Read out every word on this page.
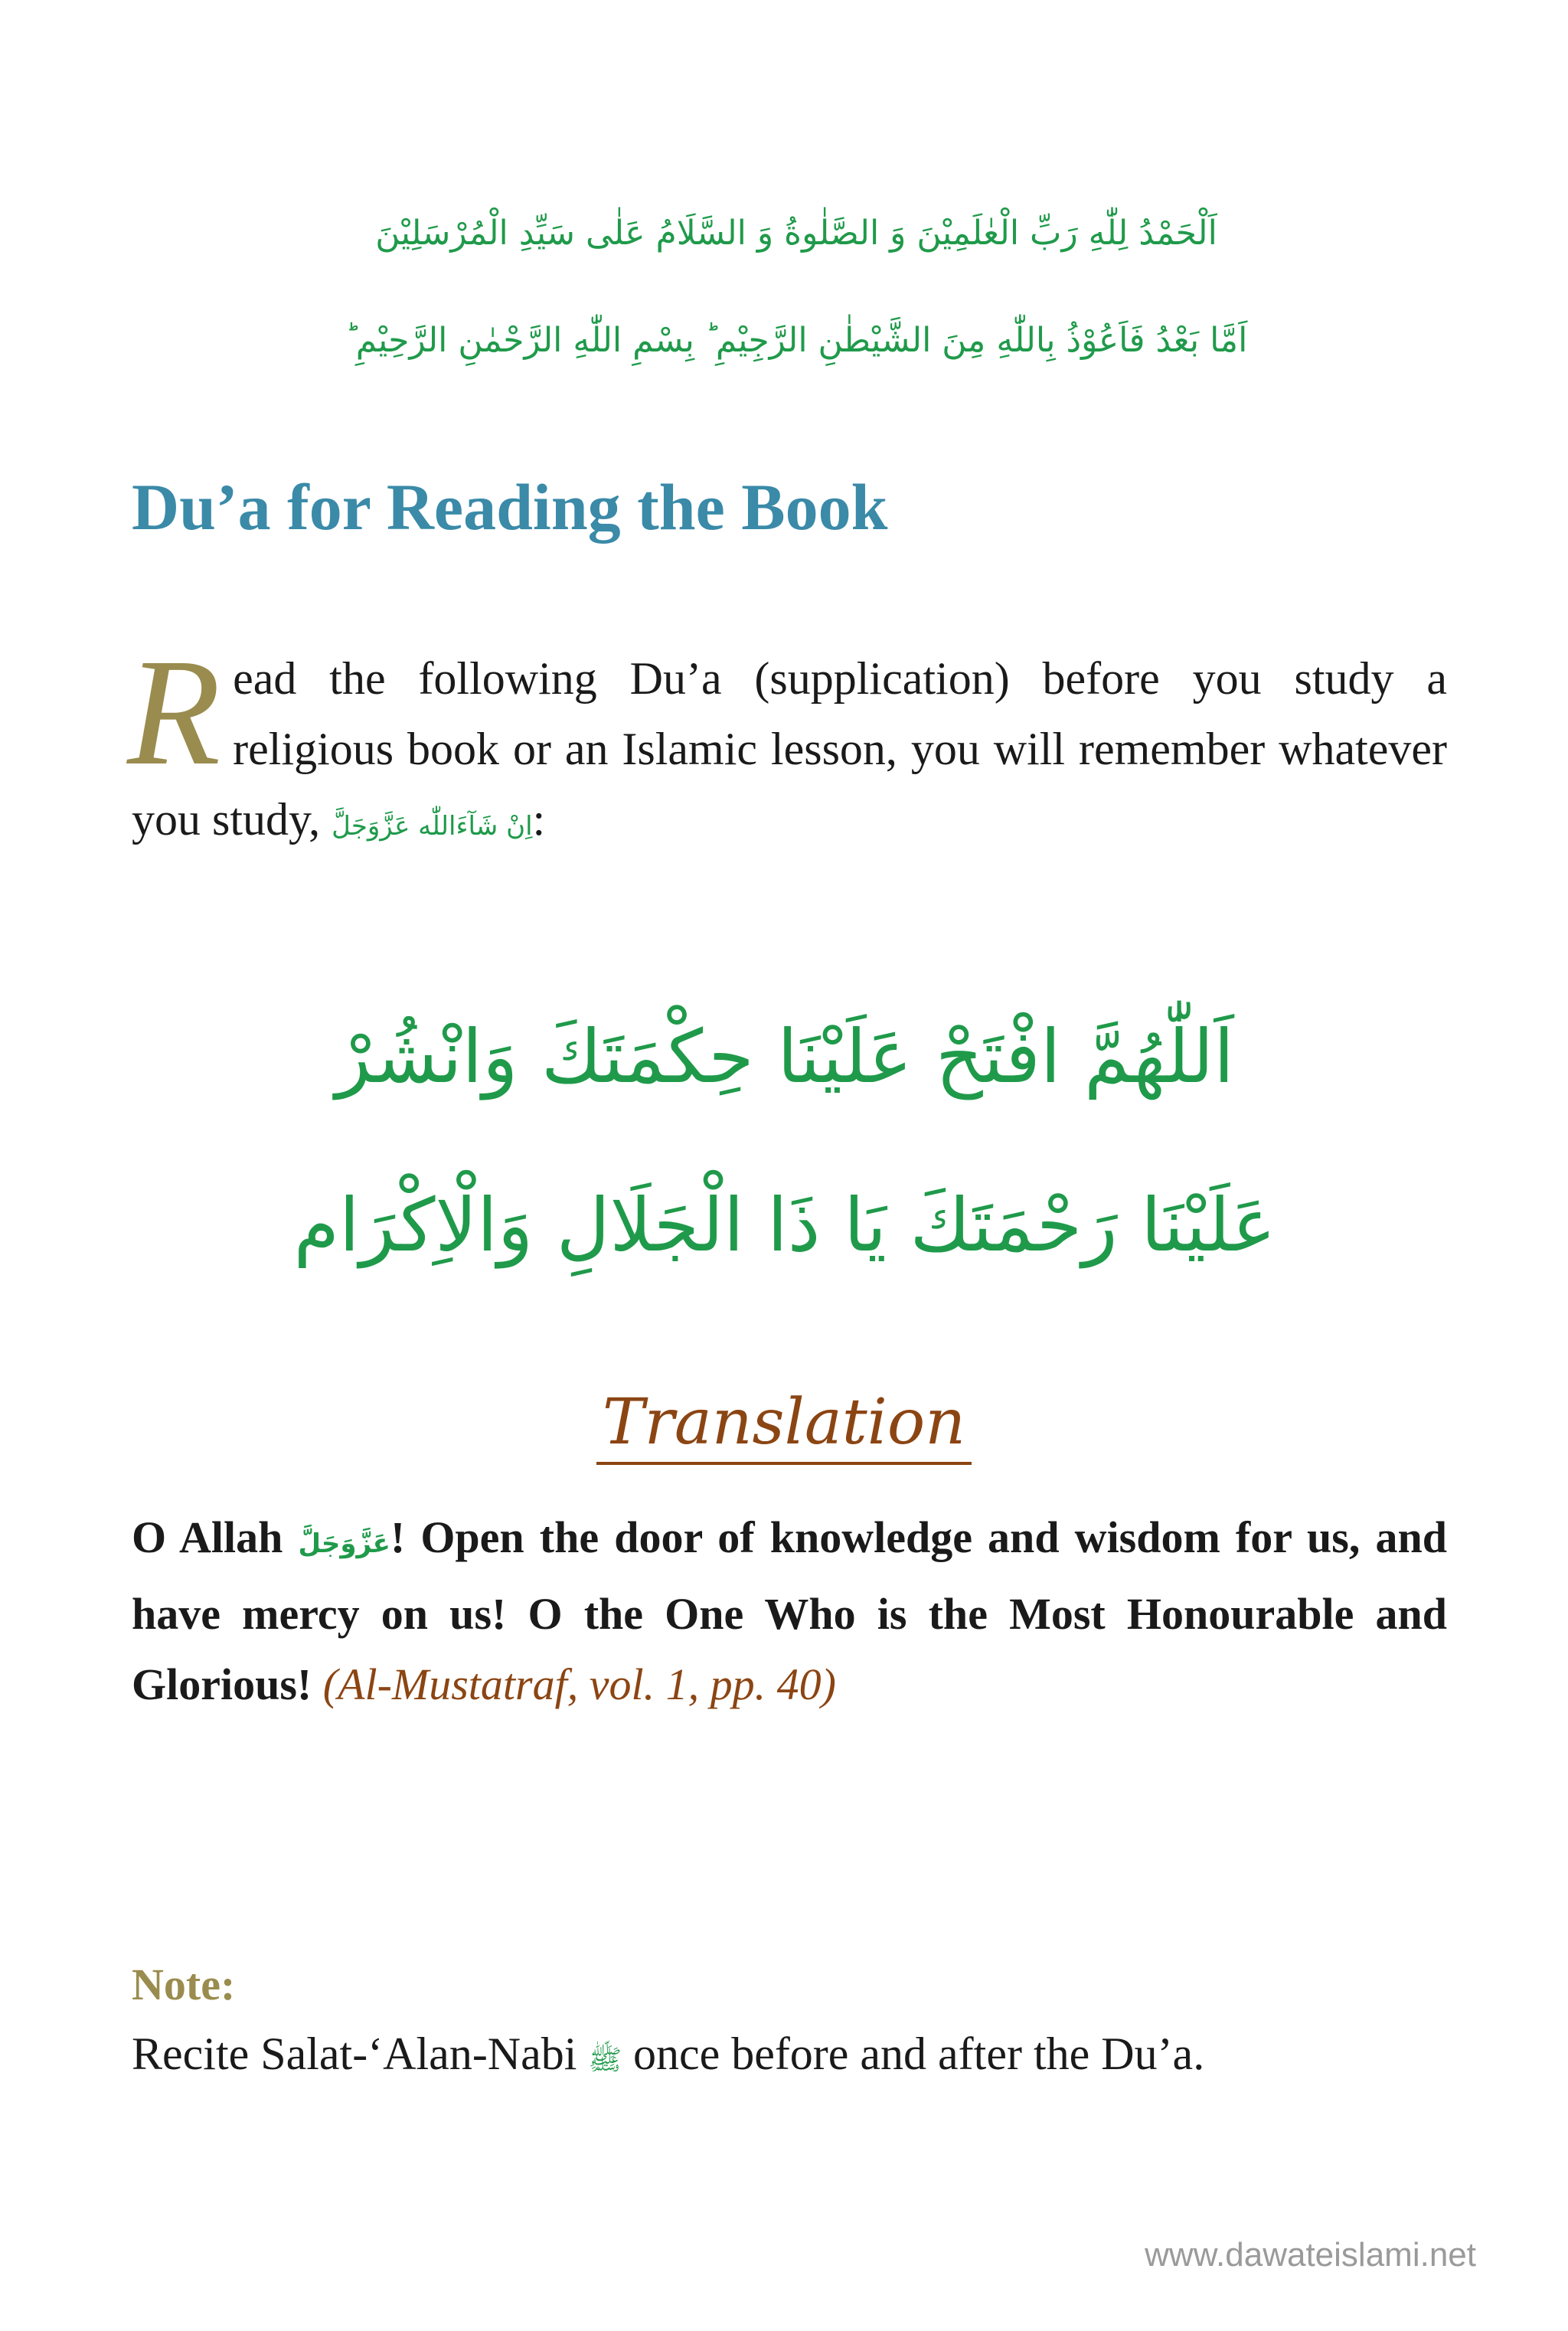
اَلْحَمْدُ لِلّٰهِ رَبِّ الْعٰلَمِيْنَ وَ الصَّلٰوةُ وَ السَّلَامُ عَلٰى سَيِّدِ الْمُرْسَلِيْنَ
اَمَّا بَعْدُ فَاَعُوْذُ بِاللّٰهِ مِنَ الشَّيْطٰنِ الرَّجِيْمِ ؕ بِسْمِ اللّٰهِ الرَّحْمٰنِ الرَّحِيْمِ ؕ
Du’a for Reading the Book
R ead the following Du’a (supplication) before you study a religious book or an Islamic lesson, you will remember whatever you study, اِنْ شَآءَاللّٰه عَزَّوَجَلَّ:
اَللّٰهُمَّ افْتَحْ عَلَيْنَا حِكْمَتَكَ وَانْشُرْ
عَلَيْنَا رَحْمَتَكَ يَا ذَا الْجَلَالِ وَالْاِكْرَام
Translation
O Allah عَزَّوَجَلَّ! Open the door of knowledge and wisdom for us, and have mercy on us! O the One Who is the Most Honourable and Glorious! (Al-Mustatraf, vol. 1, pp. 40)
Note:
Recite Salat-‘Alan-Nabi ﷺ once before and after the Du’a.
www.dawateislami.net
